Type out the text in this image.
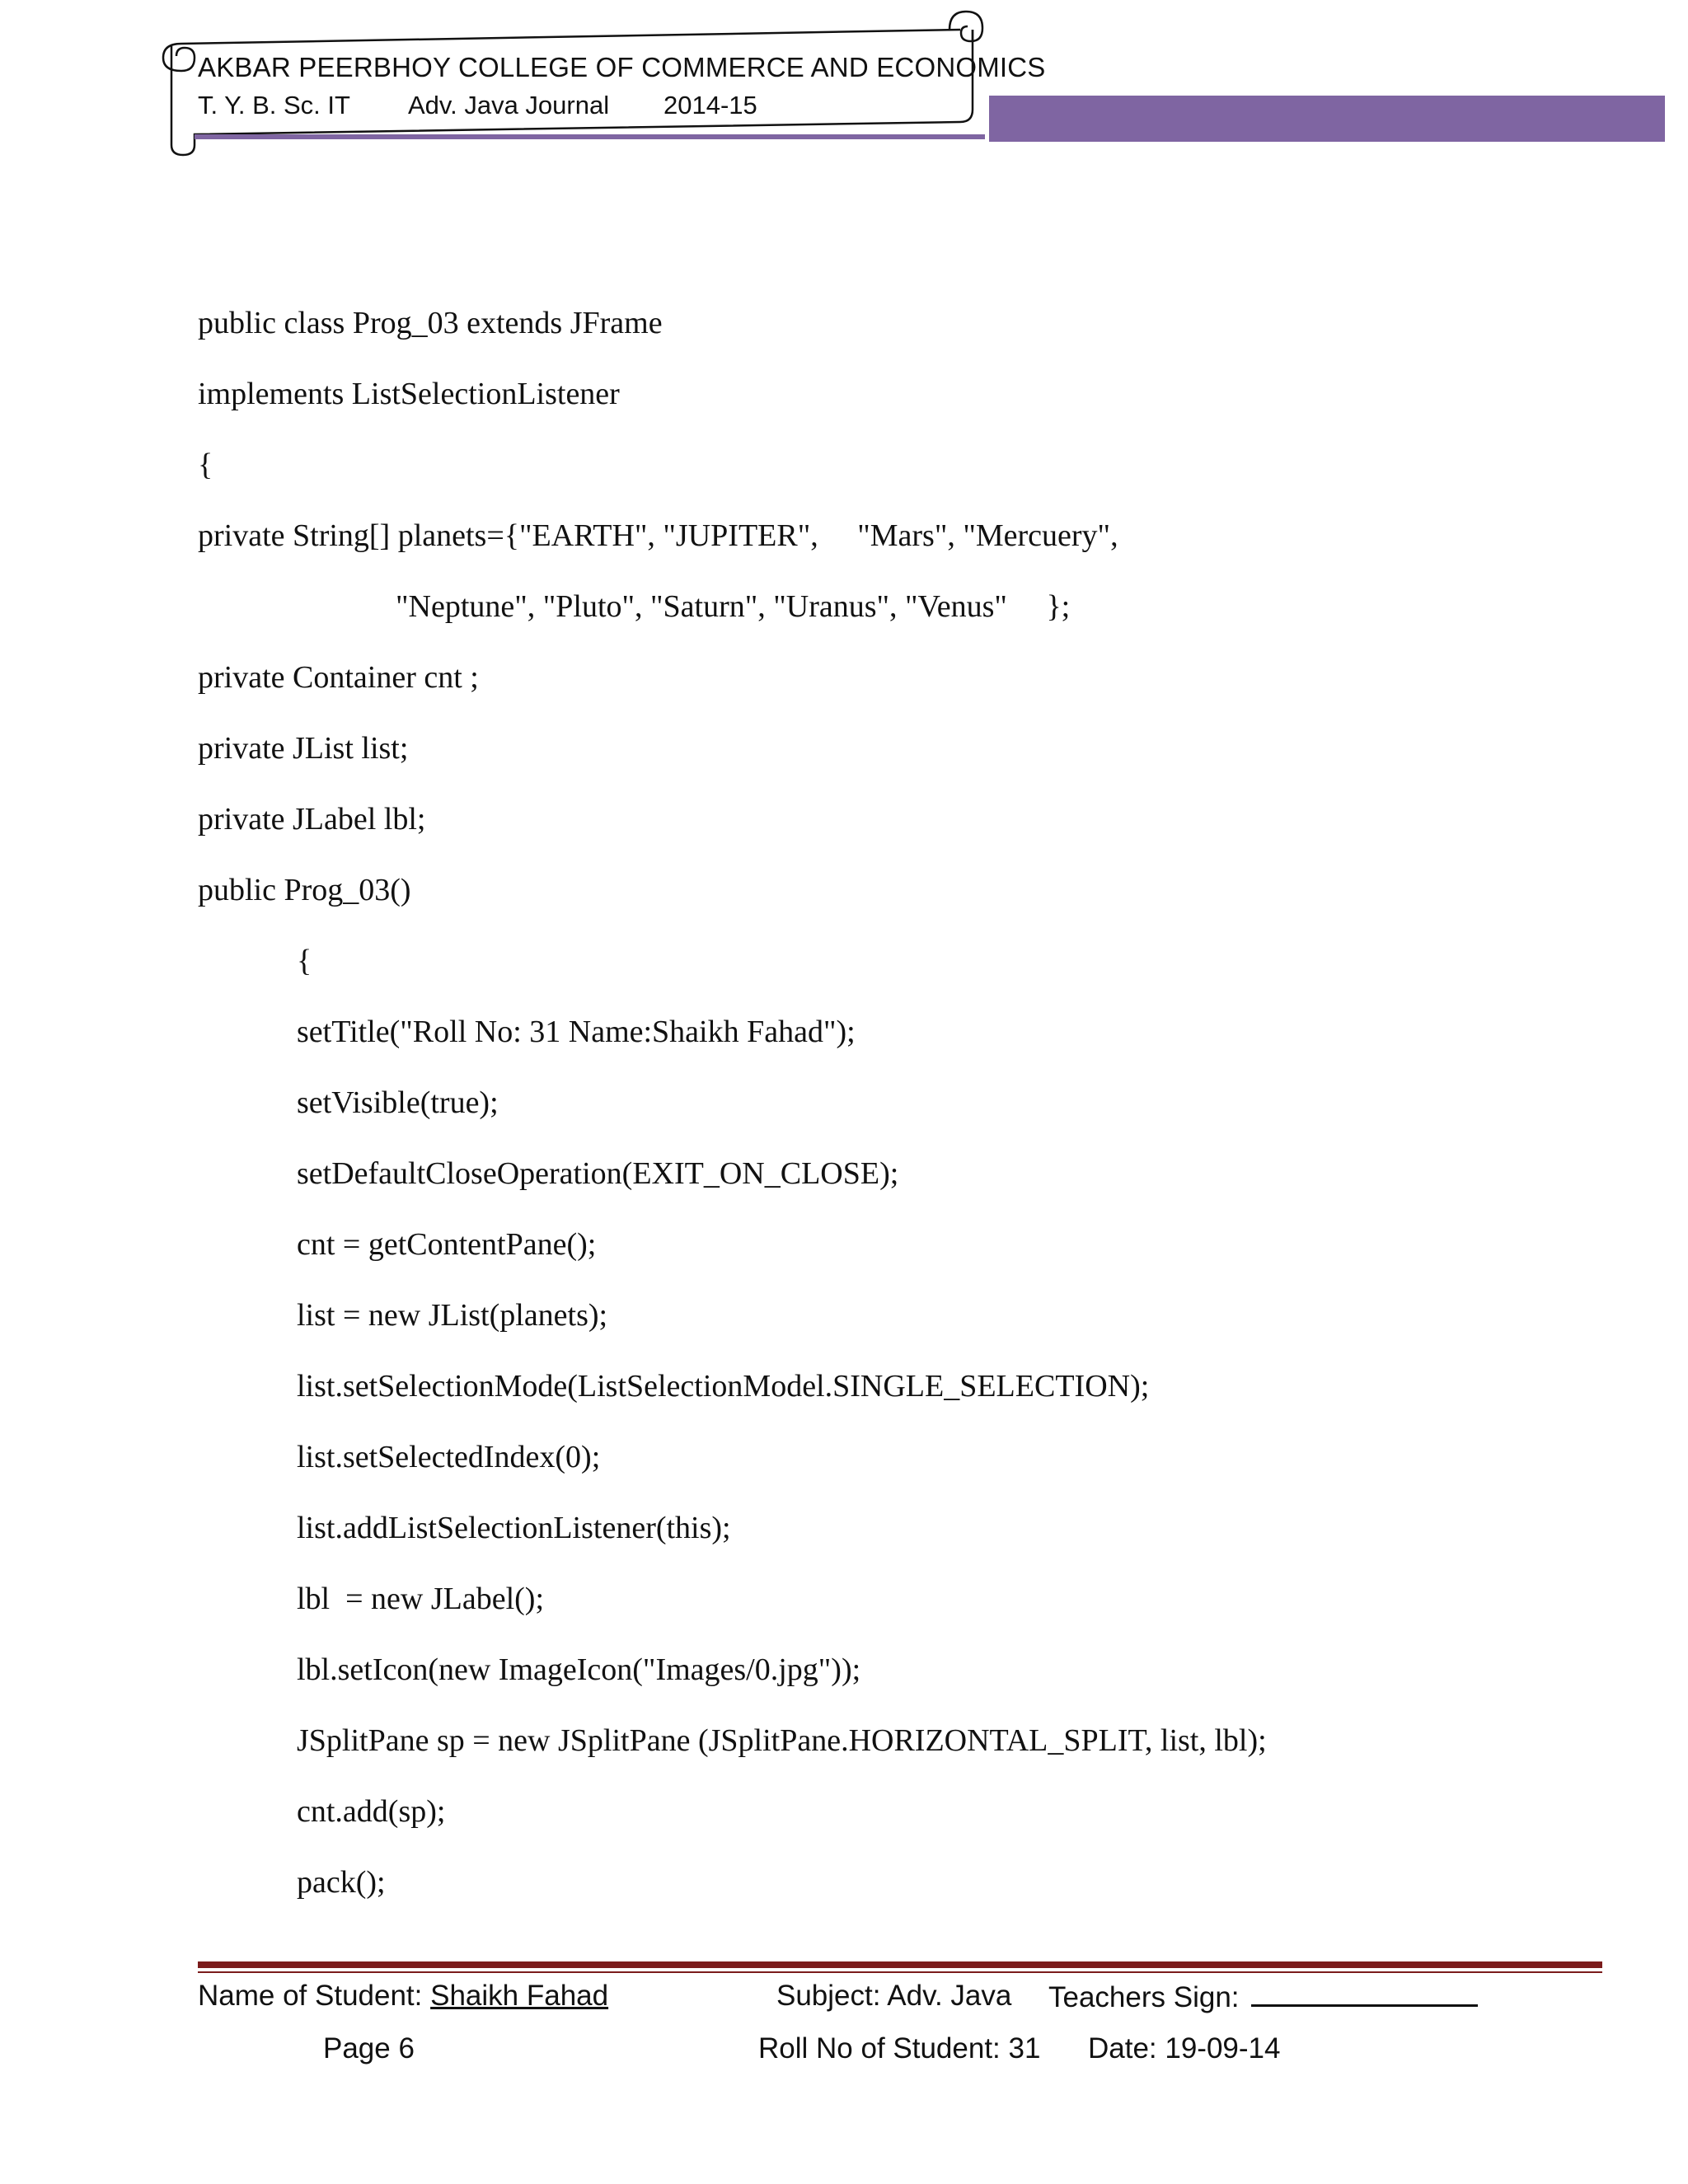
AKBAR PEERBHOY COLLEGE OF COMMERCE AND ECONOMICS
T. Y. B. Sc. IT Adv. Java Journal 2014-15
public class Prog_03 extends JFrame
implements ListSelectionListener
{
private String[] planets={"EARTH", "JUPITER",     "Mars", "Mercuery",
"Neptune", "Pluto", "Saturn", "Uranus", "Venus"     };
private Container cnt ;
private JList list;
private JLabel lbl;
public Prog_03()
{
setTitle("Roll No: 31 Name:Shaikh Fahad");
setVisible(true);
setDefaultCloseOperation(EXIT_ON_CLOSE);
cnt = getContentPane();
list = new JList(planets);
list.setSelectionMode(ListSelectionModel.SINGLE_SELECTION);
list.setSelectedIndex(0);
list.addListSelectionListener(this);
lbl  = new JLabel();
lbl.setIcon(new ImageIcon("Images/0.jpg"));
JSplitPane sp = new JSplitPane (JSplitPane.HORIZONTAL_SPLIT, list, lbl);
cnt.add(sp);
pack();
Name of Student: Shaikh Fahad	Subject: Adv. Java Teachers Sign:
Page 6	Roll No of Student: 31 Date: 19-09-14
